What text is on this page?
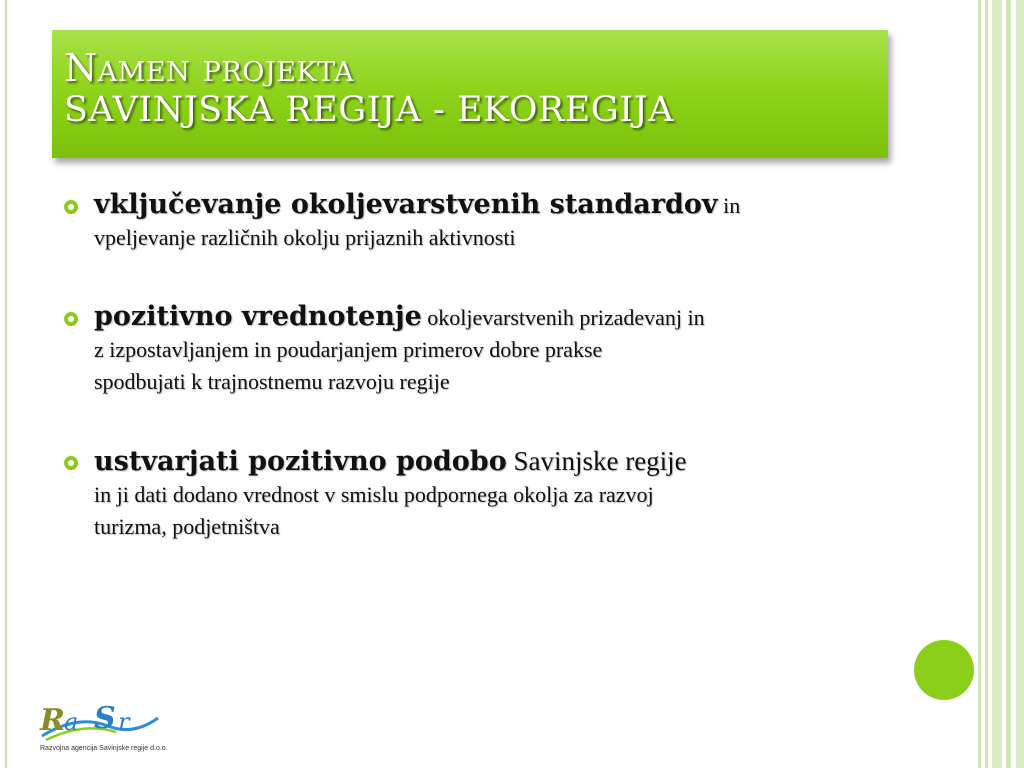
Namen projekta
SAVINJSKA REGIJA - EKOREGIJA
vključevanje okoljevarstvenih standardov in
vpeljevanje različnih okolju prijaznih aktivnosti
pozitivno vrednotenje okoljevarstvenih prizadevanj in
z izpostavljanjem in poudarjanjem primerov dobre prakse
spodbujati k trajnostnemu razvoju regije
ustvarjati pozitivno podobo Savinjske regije
in ji dati dodano vrednost v smislu podpornega okolja za razvoj
turizma, podjetništva
R a S r
Razvojna agencija Savinjske regije d.o.o.
